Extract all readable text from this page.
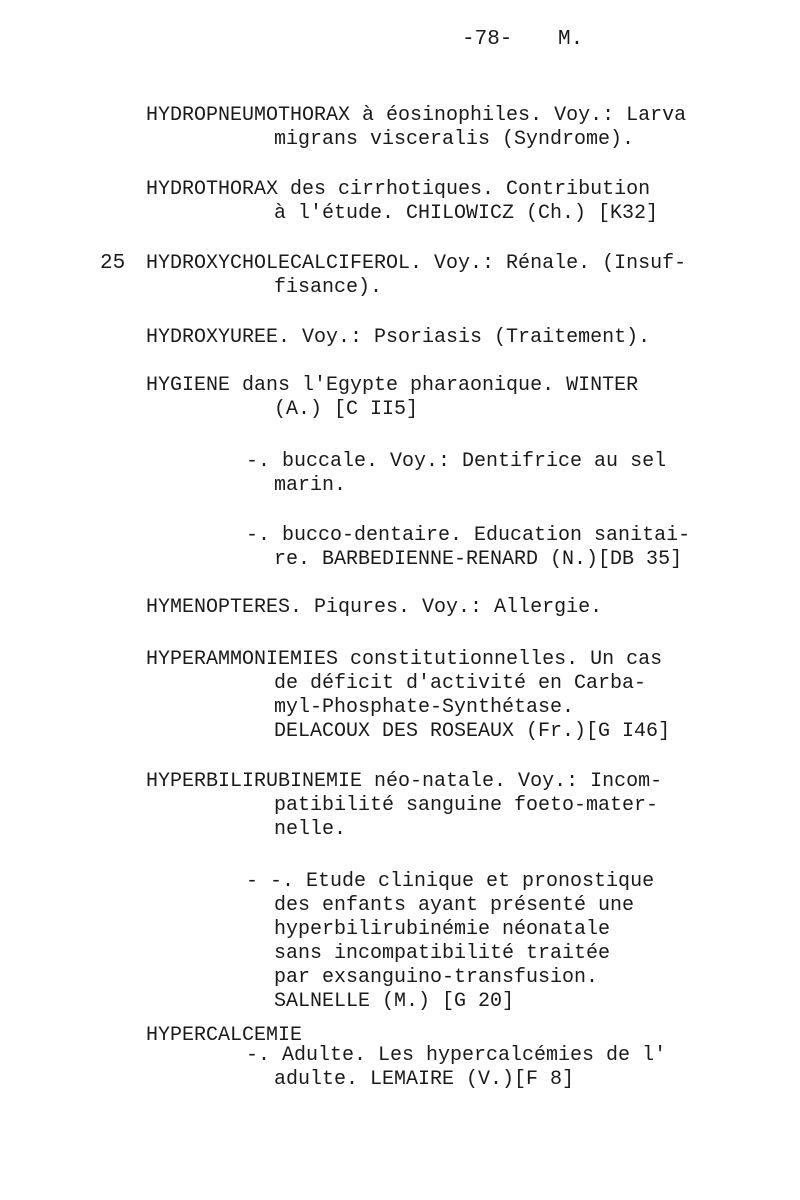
-78- M.
25
HYDROPNEUMOTHORAX à éosinophiles. Voy.: Larva
migrans visceralis (Syndrome).
HYDROTHORAX des cirrhotiques. Contribution
à l'étude. CHILOWICZ (Ch.) [K32]
HYDROXYCHOLECALCIFEROL. Voy.: Rénale. (Insuf-
fisance).
HYDROXYUREE. Voy.: Psoriasis (Traitement).
HYGIENE dans l'Egypte pharaonique. WINTER
(A.) [C II5]
-. buccale. Voy.: Dentifrice au sel
marin.
-. bucco-dentaire. Education sanitai-
re. BARBEDIENNE-RENARD (N.)[DB 35]
HYMENOPTERES. Piqures. Voy.: Allergie.
HYPERAMMONIEMIES constitutionnelles. Un cas
de déficit d'activité en Carba-
myl-Phosphate-Synthétase.
DELACOUX DES ROSEAUX (Fr.)[G I46]
HYPERBILIRUBINEMIE néo-natale. Voy.: Incom-
patibilité sanguine foeto-mater-
nelle.
- -. Etude clinique et pronostique
des enfants ayant présenté une
hyperbilirubinémie néonatale
sans incompatibilité traitée
par exsanguino-transfusion.
SALNELLE (M.) [G 20]
HYPERCALCEMIE
-. Adulte. Les hypercalcémies de l'
adulte. LEMAIRE (V.)[F 8]
